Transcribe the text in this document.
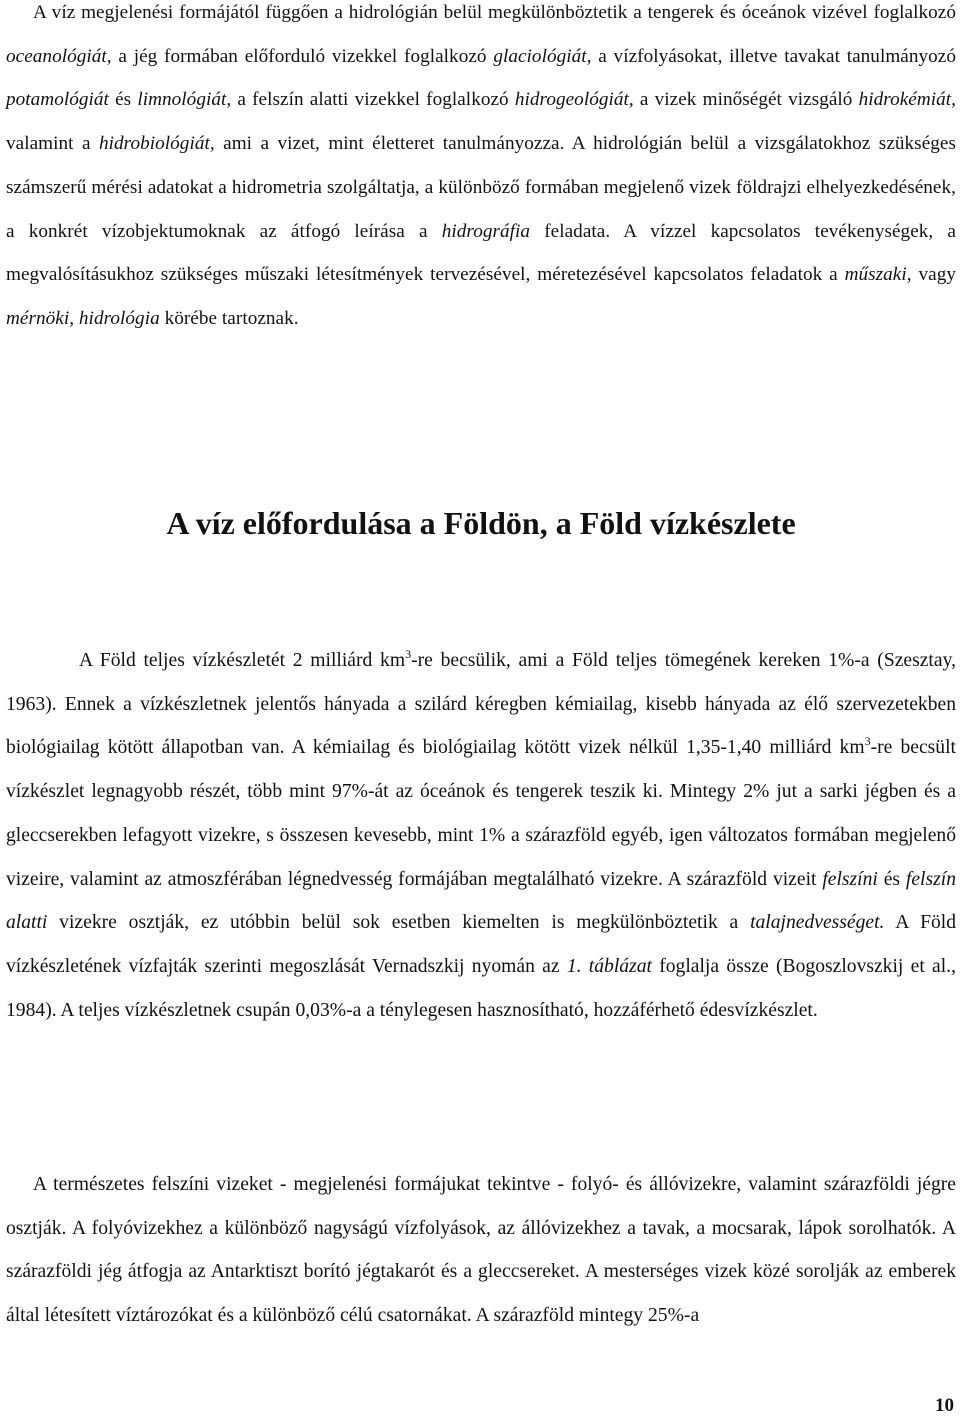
A víz megjelenési formájától függően a hidrológián belül megkülönböztetik a tengerek és óceánok vizével foglalkozó oceanológiát, a jég formában előforduló vizekkel foglalkozó glaciológiát, a vízfolyásokat, illetve tavakat tanulmányozó potamológiát és limnológiát, a felszín alatti vizekkel foglalkozó hidrogeológiát, a vizek minőségét vizsgáló hidrokémiát, valamint a hidrobiológiát, ami a vizet, mint életteret tanulmányozza. A hidrológián belül a vizsgálatokhoz szükséges számszerű mérési adatokat a hidrometria szolgáltatja, a különböző formában megjelenő vizek földrajzi elhelyezkedésének, a konkrét vízobjektumoknak az átfogó leírása a hidrográfia feladata. A vízzel kapcsolatos tevékenységek, a megvalósításukhoz szükséges műszaki létesítmények tervezésével, méretezésével kapcsolatos feladatok a műszaki, vagy mérnöki, hidrológia körébe tartoznak.

A víz előfordulása a Földön, a Föld vízkészlete

A Föld teljes vízkészletét 2 milliárd $km^3-re$ becsülik, ami a Föld teljes tömegének kereken 1%-a (Szesztay, 1963). Ennek a vízkészletnek jelentős hányada a szilárd kéregben kémiailag, kisebb hányada az élő szervezetekben biológiailag kötött állapotban van. A kémiailag és biológiailag kötött vizek nélkül 1,35-1,40 milliárd $km^3-re$ becsült vízkészlet legnagyobb részét, több mint 97%-át az óceánok és tengerek teszik ki. Mintegy 2% jut a sarki jégben és a gleccserekben lefagyott vizekre, s összesen kevesebb, mint 1% a szárazföld egyéb, igen változatos formában megjelenő vizeire, valamint az atmoszférában légnedvesség formájában megtalálható vizekre. A szárazföld vizeit felszíni és felszín alatti vizekre osztják, ez utóbbin belül sok esetben kiemelten is megkülönböztetik a talajnedvességet. A Föld vízkészletének vízfajták szerinti megoszlását Vernadszkij nyomán az 1. táblázat foglalja össze (Bogoszlovszkij et al., 1984). A teljes vízkészletnek csupán 0,03%-a a ténylegesen hasznosítható, hozzáférhető édesvízkészlet.

A természetes felszíni vizeket - megjelenési formájukat tekintve - folyó- és állóvizekre, valamint szárazföldi jégre osztják. A folyóvizekhez a különböző nagyságú vízfolyások, az állóvizekhez a tavak, a mocsarak, lápok sorolhatók. A szárazföldi jég átfogja az Antarktiszt borító jégtakarót és a gleccsereket. A mesterséges vizek közé sorolják az emberek által létesített víztározókat és a különböző célú csatornákat. A szárazföld mintegy 25%-a

10
